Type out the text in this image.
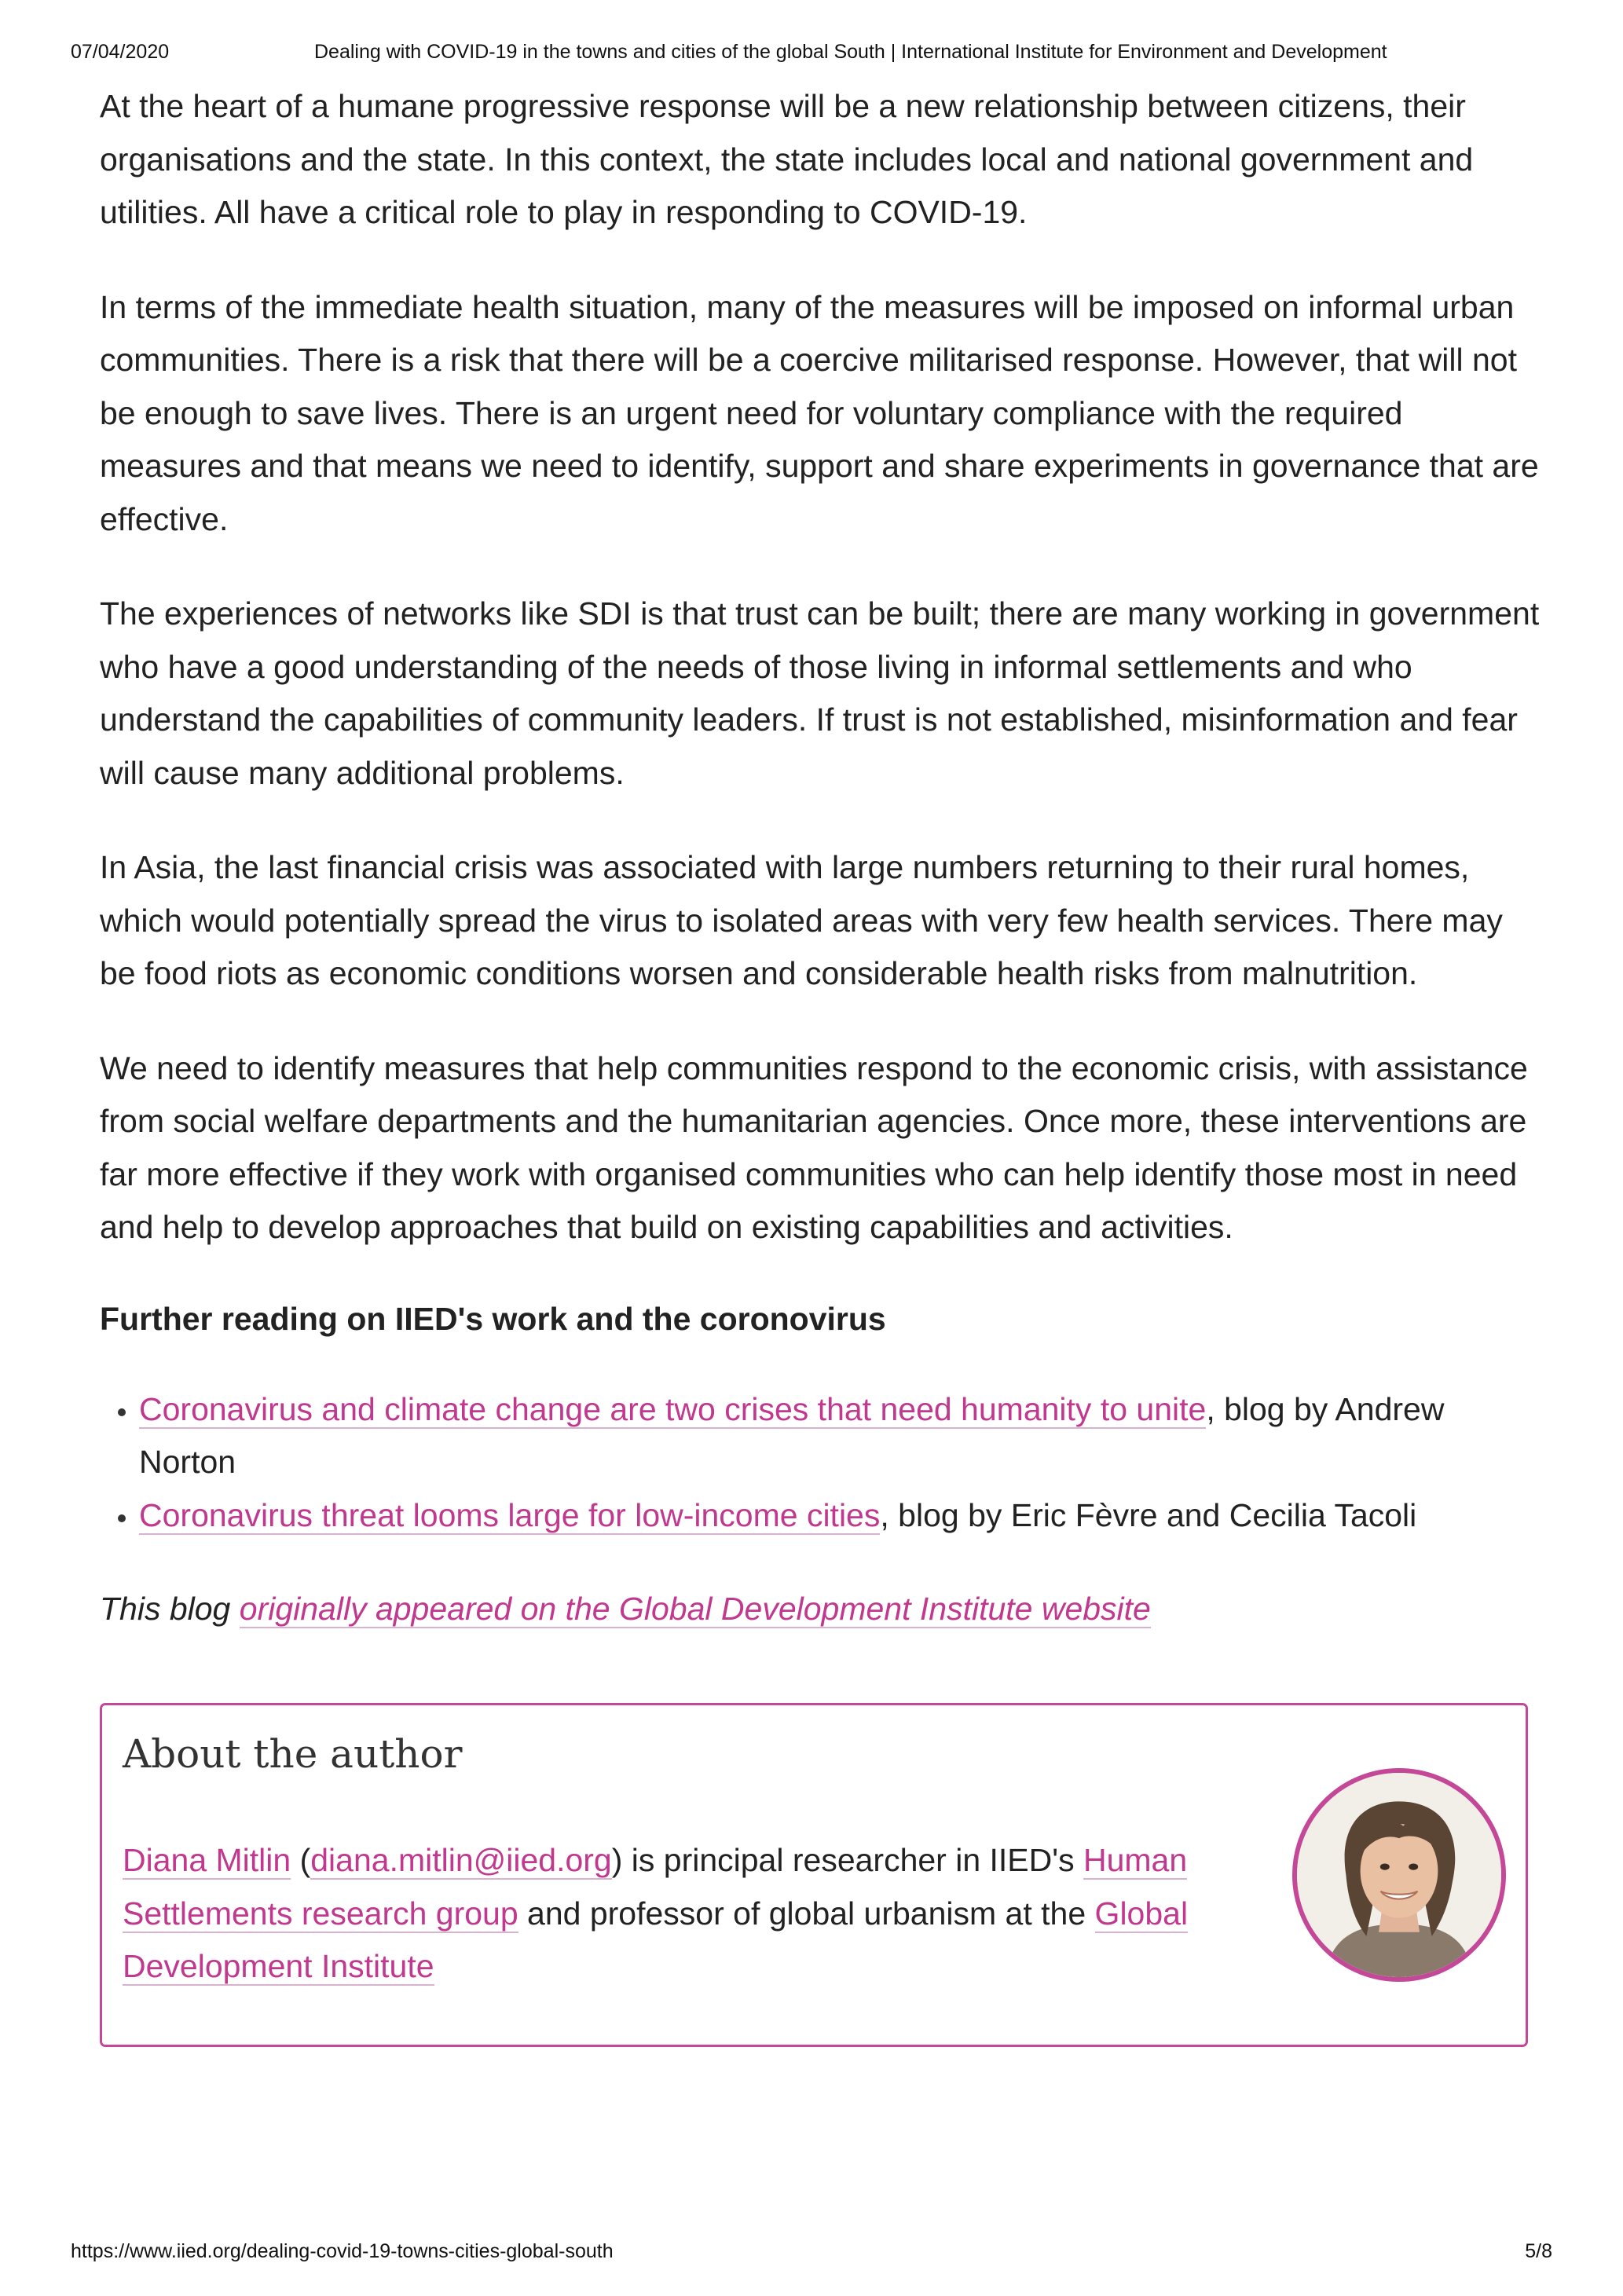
07/04/2020	Dealing with COVID-19 in the towns and cities of the global South | International Institute for Environment and Development

At the heart of a humane progressive response will be a new relationship between citizens, their organisations and the state. In this context, the state includes local and national government and utilities. All have a critical role to play in responding to COVID-19.

In terms of the immediate health situation, many of the measures will be imposed on informal urban communities. There is a risk that there will be a coercive militarised response. However, that will not be enough to save lives. There is an urgent need for voluntary compliance with the required measures and that means we need to identify, support and share experiments in governance that are effective.

The experiences of networks like SDI is that trust can be built; there are many working in government who have a good understanding of the needs of those living in informal settlements and who understand the capabilities of community leaders. If trust is not established, misinformation and fear will cause many additional problems.

In Asia, the last financial crisis was associated with large numbers returning to their rural homes, which would potentially spread the virus to isolated areas with very few health services. There may be food riots as economic conditions worsen and considerable health risks from malnutrition.

We need to identify measures that help communities respond to the economic crisis, with assistance from social welfare departments and the humanitarian agencies. Once more, these interventions are far more effective if they work with organised communities who can help identify those most in need and help to develop approaches that build on existing capabilities and activities.

Further reading on IIED's work and the coronovirus
• Coronavirus and climate change are two crises that need humanity to unite, blog by Andrew Norton
• Coronavirus threat looms large for low-income cities, blog by Eric Fèvre and Cecilia Tacoli

This blog originally appeared on the Global Development Institute website

About the author

Diana Mitlin (diana.mitlin@iied.org) is principal researcher in IIED's Human Settlements research group and professor of global urbanism at the Global Development Institute

https://www.iied.org/dealing-covid-19-towns-cities-global-south	5/8
